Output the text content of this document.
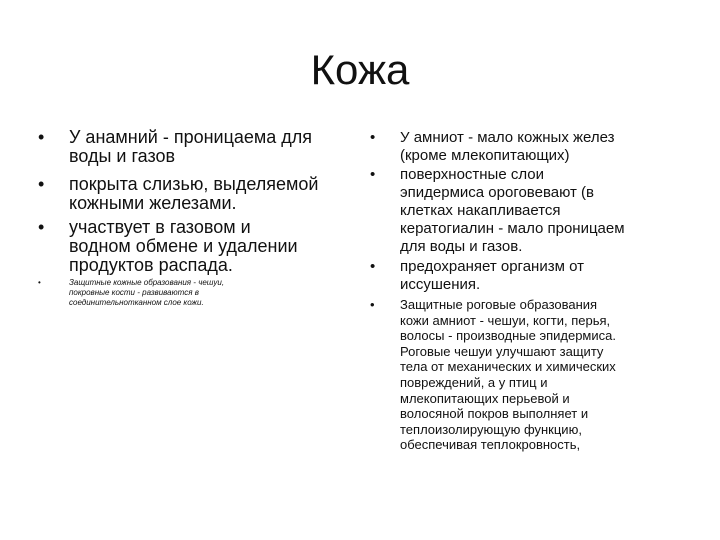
Кожа
• У анамний - проницаема для
воды и газов
• покрыта слизью, выделяемой
кожными железами.
• участвует в газовом и
водном обмене и удалении
продуктов распада.
•	Защитные кожные образования - чешуи,
покровные кости - развиваются в
соединительнотканном слое кожи.
• У амниот - мало кожных желез
(кроме млекопитающих)
• поверхностные слои
эпидермиса ороговевают (в
клетках накапливается
кератогиалин - мало проницаем
для воды и газов.
• предохраняет организм от
иссушения.
• Защитные роговые образования
кожи амниот - чешуи, когти, перья,
волосы - производные эпидермиса.
Роговые чешуи улучшают защиту
тела от механических и химических
повреждений, а у птиц и
млекопитающих перьевой и
волосяной покров выполняет и
теплоизолирующую функцию,
обеспечивая теплокровность,
